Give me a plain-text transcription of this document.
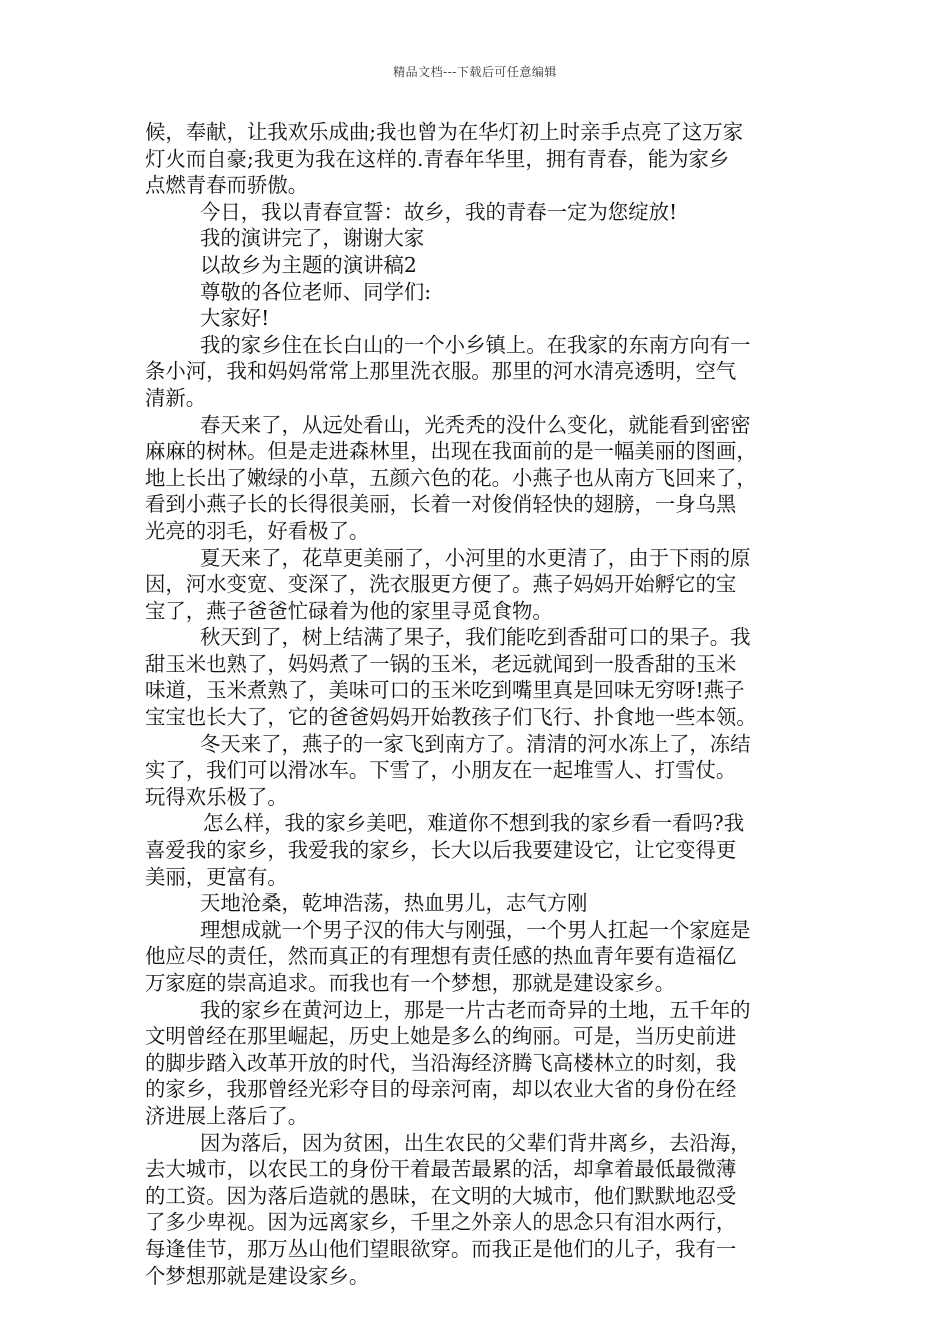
精品文档---下载后可任意编辑
候，奉献，让我欢乐成曲;我也曾为在华灯初上时亲手点亮了这万家
灯火而自豪;我更为我在这样的.青春年华里，拥有青春，能为家乡
点燃青春而骄傲。
今日，我以青春宣誓：故乡，我的青春一定为您绽放!
我的演讲完了，谢谢大家
以故乡为主题的演讲稿2
尊敬的各位老师、同学们:
大家好!
我的家乡住在长白山的一个小乡镇上。在我家的东南方向有一
条小河，我和妈妈常常上那里洗衣服。那里的河水清亮透明，空气
清新。
春天来了，从远处看山，光秃秃的没什么变化，就能看到密密
麻麻的树林。但是走进森林里，出现在我面前的是一幅美丽的图画，
地上长出了嫩绿的小草，五颜六色的花。小燕子也从南方飞回来了，
看到小燕子长的长得很美丽，长着一对俊俏轻快的翅膀，一身乌黑
光亮的羽毛，好看极了。
夏天来了，花草更美丽了，小河里的水更清了，由于下雨的原
因，河水变宽、变深了，洗衣服更方便了。燕子妈妈开始孵它的宝
宝了，燕子爸爸忙碌着为他的家里寻觅食物。
秋天到了，树上结满了果子，我们能吃到香甜可口的果子。我
甜玉米也熟了，妈妈煮了一锅的玉米，老远就闻到一股香甜的玉米
味道，玉米煮熟了，美味可口的玉米吃到嘴里真是回味无穷呀!燕子
宝宝也长大了，它的爸爸妈妈开始教孩子们飞行、扑食地一些本领。
冬天来了，燕子的一家飞到南方了。清清的河水冻上了，冻结
实了，我们可以滑冰车。下雪了，小朋友在一起堆雪人、打雪仗。
玩得欢乐极了。
怎么样，我的家乡美吧，难道你不想到我的家乡看一看吗?我
喜爱我的家乡，我爱我的家乡，长大以后我要建设它，让它变得更
美丽，更富有。
天地沧桑，乾坤浩荡，热血男儿，志气方刚
理想成就一个男子汉的伟大与刚强，一个男人扛起一个家庭是
他应尽的责任，然而真正的有理想有责任感的热血青年要有造福亿
万家庭的崇高追求。而我也有一个梦想，那就是建设家乡。
我的家乡在黄河边上，那是一片古老而奇异的土地，五千年的
文明曾经在那里崛起，历史上她是多么的绚丽。可是，当历史前进
的脚步踏入改革开放的时代，当沿海经济腾飞高楼林立的时刻，我
的家乡，我那曾经光彩夺目的母亲河南，却以农业大省的身份在经
济进展上落后了。
因为落后，因为贫困，出生农民的父辈们背井离乡，去沿海，
去大城市，以农民工的身份干着最苦最累的活，却拿着最低最微薄
的工资。因为落后造就的愚昧，在文明的大城市，他们默默地忍受
了多少卑视。因为远离家乡，千里之外亲人的思念只有泪水两行，
每逢佳节，那万丛山他们望眼欲穿。而我正是他们的儿子，我有一
个梦想那就是建设家乡。
